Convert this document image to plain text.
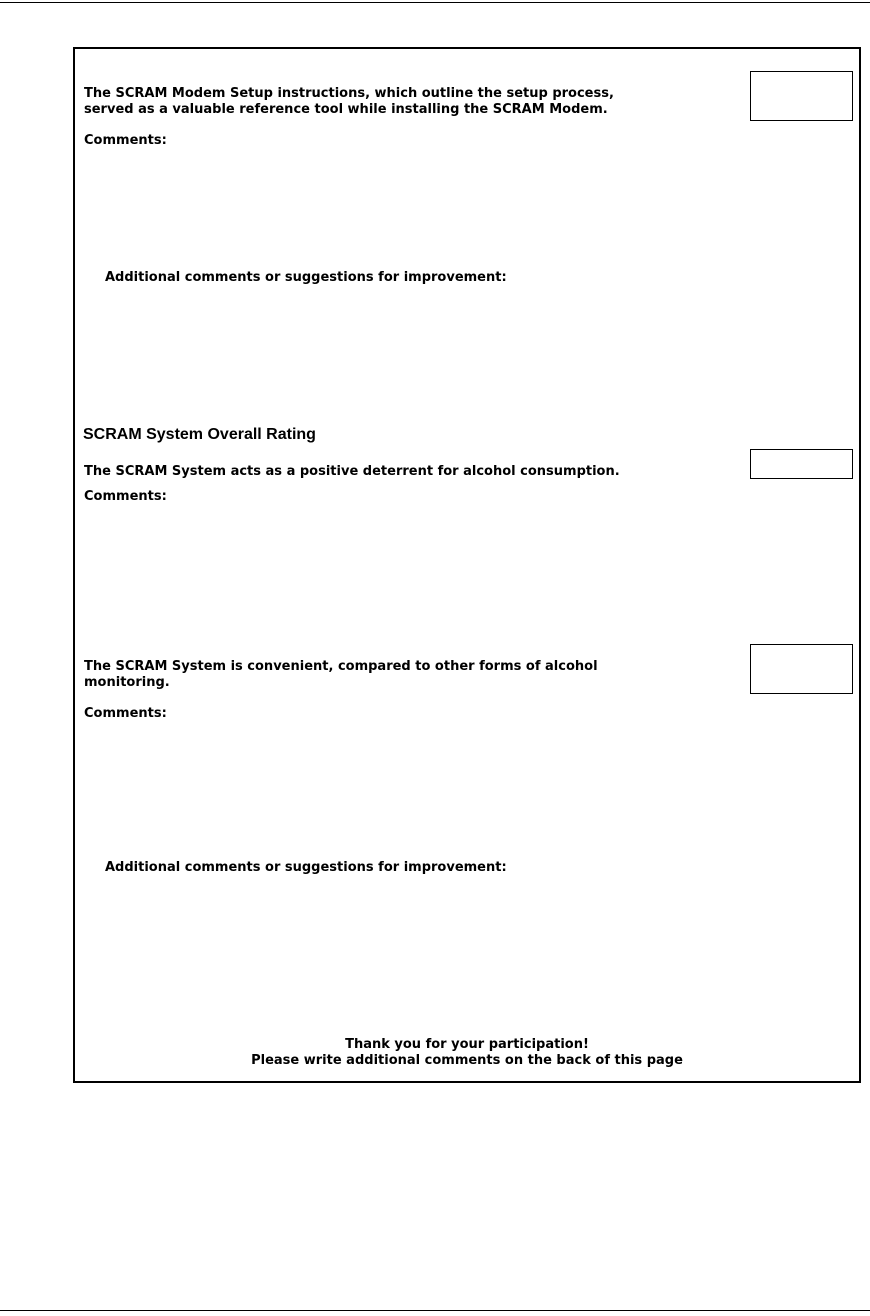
The SCRAM Modem Setup instructions, which outline the setup process,
served as a valuable reference tool while installing the SCRAM Modem.
Comments:
Additional comments or suggestions for improvement:
SCRAM System Overall Rating
The SCRAM System acts as a positive deterrent for alcohol consumption.
Comments:
The SCRAM System is convenient, compared to other forms of alcohol
monitoring.
Comments:
Additional comments or suggestions for improvement:
Thank you for your participation!
Please write additional comments on the back of this page
